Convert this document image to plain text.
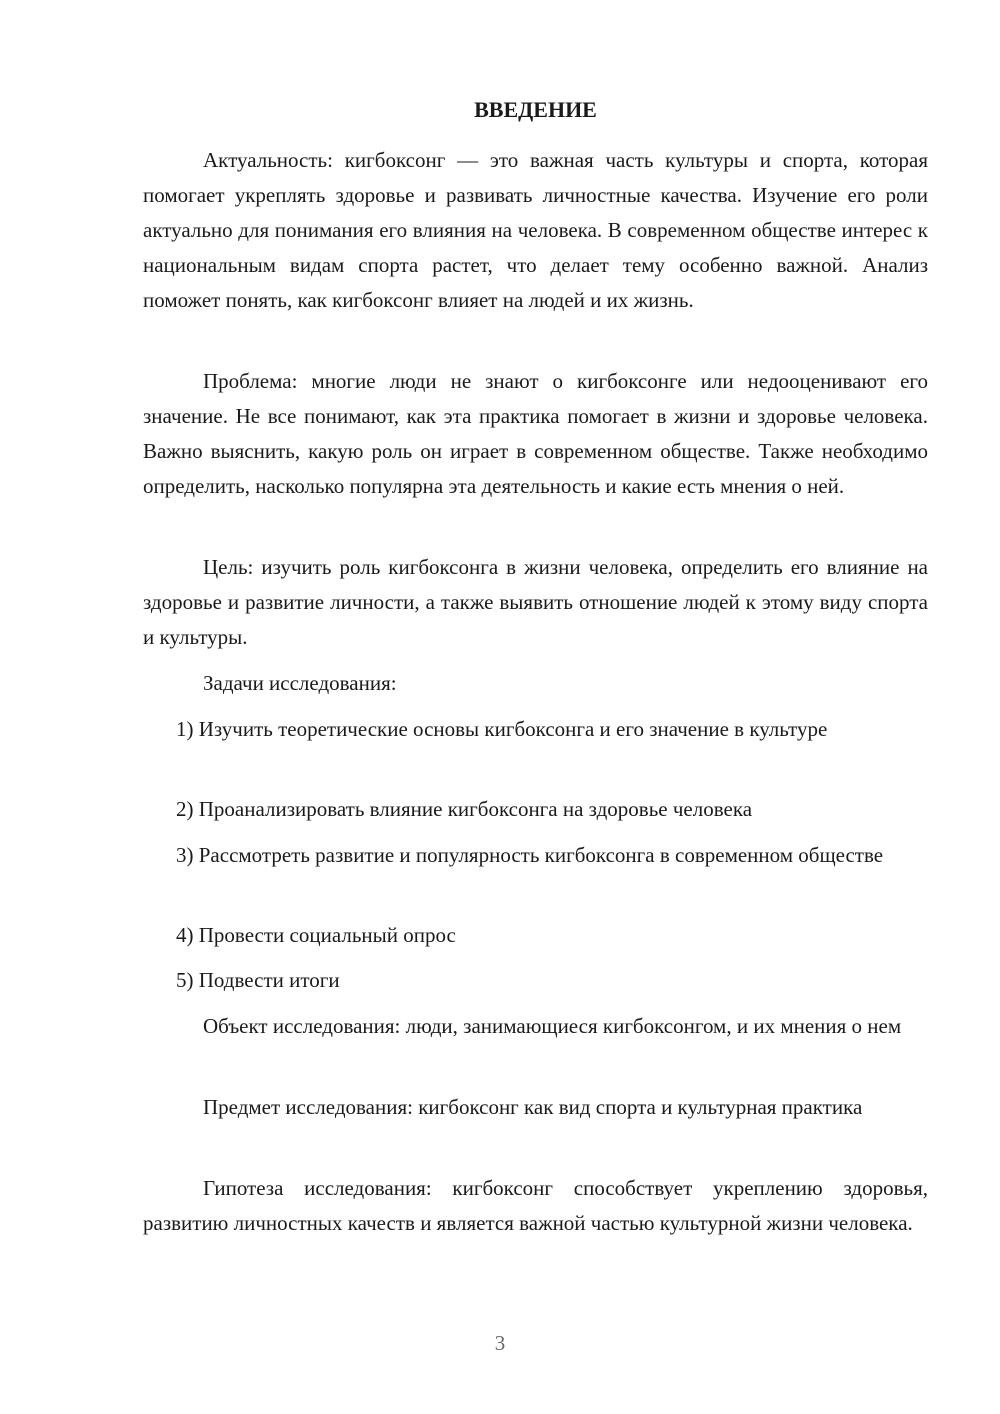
ВВЕДЕНИЕ

Актуальность: кигбоксонг — это важная часть культуры и спорта, которая помогает укреплять здоровье и развивать личностные качества. Изучение его роли актуально для понимания его влияния на человека. В современном обществе интерес к национальным видам спорта растет, что делает тему особенно важной. Анализ поможет понять, как кигбоксонг влияет на людей и их жизнь.

Проблема: многие люди не знают о кигбоксонге или недооценивают его значение. Не все понимают, как эта практика помогает в жизни и здоровье человека. Важно выяснить, какую роль он играет в современном обществе. Также необходимо определить, насколько популярна эта деятельность и какие есть мнения о ней.

Цель: изучить роль кигбоксонга в жизни человека, определить его влияние на здоровье и развитие личности, а также выявить отношение людей к этому виду спорта и культуры.

Задачи исследования:

1) Изучить теоретические основы кигбоксонга и его значение в культуре

2) Проанализировать влияние кигбоксонга на здоровье человека

3) Рассмотреть развитие и популярность кигбоксонга в современном обществе

4) Провести социальный опрос

5) Подвести итоги

Объект исследования: люди, занимающиеся кигбоксонгом, и их мнения о нем

Предмет исследования: кигбоксонг как вид спорта и культурная практика

Гипотеза исследования: кигбоксонг способствует укреплению здоровья, развитию личностных качеств и является важной частью культурной жизни человека.

3
